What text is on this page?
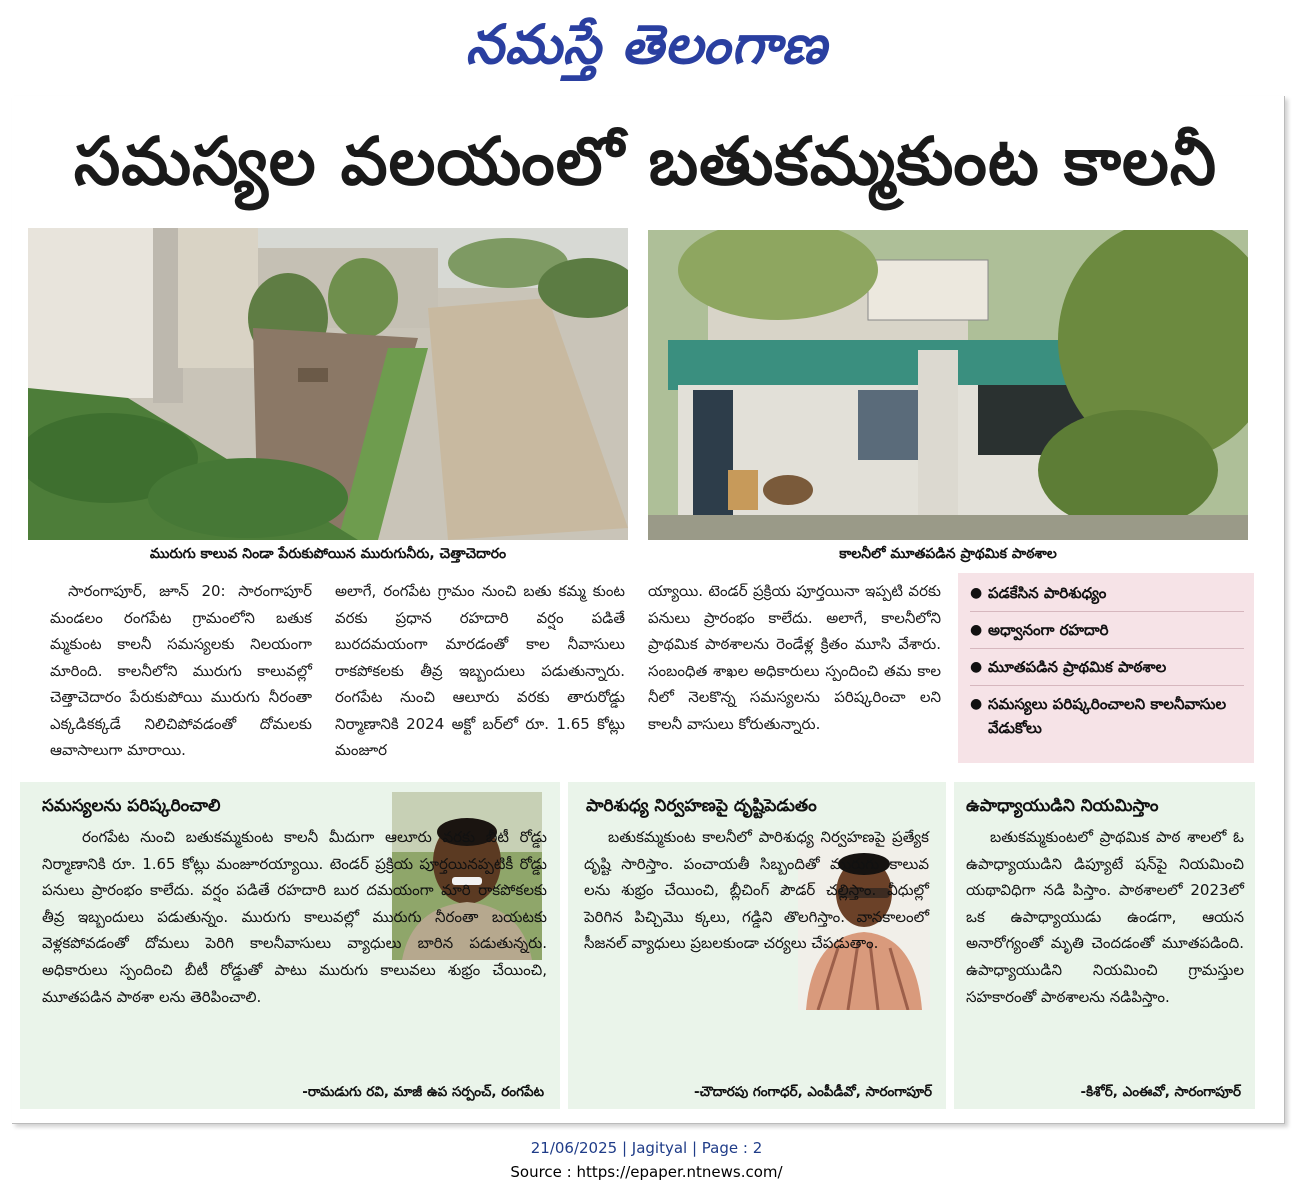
నమస్తే తెలంగాణ
సమస్యల వలయంలో బతుకమ్మకుంట కాలనీ
మురుగు కాలువ నిండా పేరుకుపోయిన మురుగునీరు, చెత్తాచెదారం	కాలనీలో మూతపడిన ప్రాథమిక పాఠశాల
సారంగాపూర్, జూన్ 20: సారంగాపూర్ మండలం రంగపేట గ్రామంలోని బతుక మ్మకుంట కాలనీ సమస్యలకు నిలయంగా మారింది. కాలనీలోని మురుగు కాలువల్లో చెత్తాచెదారం పేరుకుపోయి మురుగు నీరంతా ఎక్కడికక్కడే నిలిచిపోవడంతో దోమలకు ఆవాసాలుగా మారాయి.
అలాగే, రంగపేట గ్రామం నుంచి బతు కమ్మ కుంట వరకు ప్రధాన రహదారి వర్షం పడితే బురదమయంగా మారడంతో కాల నీవాసులు రాకపోకలకు తీవ్ర ఇబ్బందులు పడుతున్నారు. రంగపేట నుంచి ఆలూరు వరకు తారురోడ్డు నిర్మాణానికి 2024 అక్టో బర్‌లో రూ. 1.65 కోట్లు మంజూర
య్యాయి. టెండర్ ప్రక్రియ పూర్తయినా ఇప్పటి వరకు పనులు ప్రారంభం కాలేదు. అలాగే, కాలనీలోని ప్రాథమిక పాఠశాలను రెండేళ్ల క్రితం మూసి వేశారు. సంబంధిత శాఖల అధికారులు స్పందించి తమ కాల నీలో నెలకొన్న సమస్యలను పరిష్కరించా లని కాలనీ వాసులు కోరుతున్నారు.
● పడకేసిన పారిశుధ్యం
● అధ్వానంగా రహదారి
● మూతపడిన ప్రాథమిక పాఠశాల
● సమస్యలు పరిష్కరించాలని కాలనీవాసుల వేడుకోలు
సమస్యలను పరిష్కరించాలి
రంగపేట నుంచి బతుకమ్మకుంట కాలనీ మీదుగా ఆలూరు వరకు బీటీ రోడ్డు నిర్మాణానికి రూ. 1.65 కోట్లు మంజూరయ్యాయి. టెండర్ ప్రక్రియ పూర్తయినప్పటికీ రోడ్డు పనులు ప్రారంభం కాలేదు. వర్షం పడితే రహదారి బుర దమయంగా మారి రాకపోకలకు తీవ్ర ఇబ్బందులు పడుతున్నం. మురుగు కాలువల్లో మురుగు నీరంతా బయటకు వెళ్లకపోవడంతో దోమలు పెరిగి కాలనీవాసులు వ్యాధులు బారిన పడుతున్నరు. అధికారులు స్పందించి బీటీ రోడ్డుతో పాటు మురుగు కాలువలు శుభ్రం చేయించి, మూతపడిన పాఠశా లను తెరిపించాలి.
-రామడుగు రవి, మాజీ ఉప సర్పంచ్, రంగపేట
పారిశుధ్య నిర్వహణపై దృష్టిపెడుతం
బతుకమ్మకుంట కాలనీలో పారిశుధ్య నిర్వహణపై ప్రత్యేక దృష్టి సారిస్తాం. పంచాయతీ సిబ్బందితో మురుగు కాలువ లను శుభ్రం చేయించి, బ్లీచింగ్ పౌడర్ చల్లిస్తాం. వీధుల్లో పెరిగిన పిచ్చిమొ క్కలు, గడ్డిని తొలగిస్తాం. వానకాలంలో సీజనల్ వ్యాధులు ప్రబలకుండా చర్యలు చేపడుతాం.
-చౌదారపు గంగాధర్, ఎంపీడీవో, సారంగాపూర్
ఉపాధ్యాయుడిని నియమిస్తాం
బతుకమ్మకుంటలో ప్రాథమిక పాఠ శాలలో ఓ ఉపాధ్యాయుడిని డిప్యూటే షన్‌పై నియమించి యథావిధిగా నడి పిస్తాం. పాఠశాలలో 2023లో ఒక ఉపాధ్యాయుడు ఉండగా, ఆయన అనారోగ్యంతో మృతి చెందడంతో మూతపడింది. ఉపాధ్యాయుడిని నియమించి గ్రామస్తుల సహకారంతో పాఠశాలను నడిపిస్తాం.
-కిశోర్, ఎంఈవో, సారంగాపూర్
21/06/2025 | Jagityal | Page : 2
Source : https://epaper.ntnews.com/
